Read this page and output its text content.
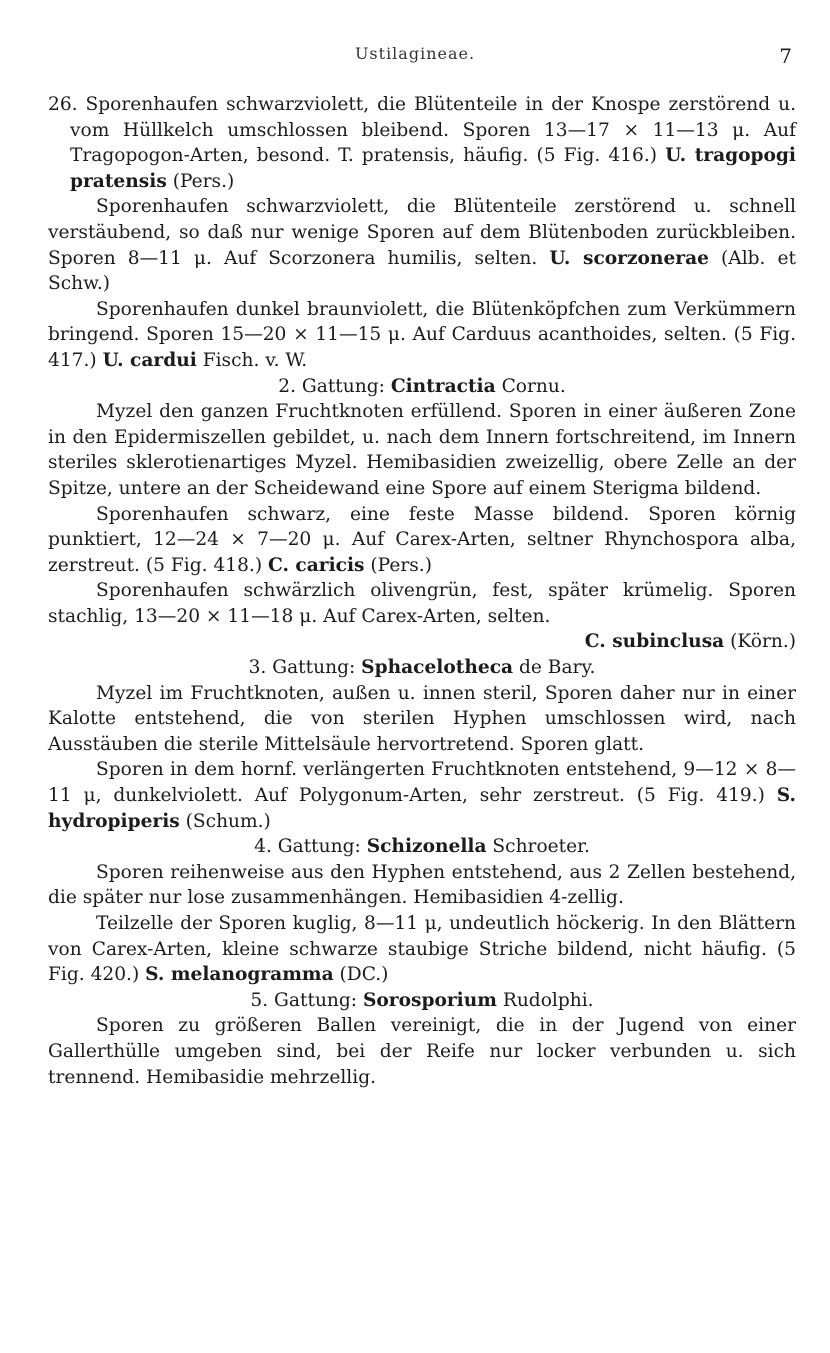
Ustilagineae.	7

26. Sporenhaufen schwarzviolett, die Blütenteile in der Knospe zerstörend u. vom Hüllkelch umschlossen bleibend. Sporen 13—17 × 11—13 μ. Auf Tragopogon-Arten, besond. T. pratensis, häufig. (5 Fig. 416.) U. tragopogi pratensis (Pers.)

Sporenhaufen schwarzviolett, die Blütenteile zerstörend u. schnell verstäubend, so daß nur wenige Sporen auf dem Blütenboden zurückbleiben. Sporen 8—11 μ. Auf Scorzonera humilis, selten. U. scorzonerae (Alb. et Schw.)

Sporenhaufen dunkel braunviolett, die Blütenköpfchen zum Verkümmern bringend. Sporen 15—20 × 11—15 μ. Auf Carduus acanthoides, selten. (5 Fig. 417.) U. cardui Fisch. v. W.

2. Gattung: Cintractia Cornu.

Myzel den ganzen Fruchtknoten erfüllend. Sporen in einer äußeren Zone in den Epidermiszellen gebildet, u. nach dem Innern fortschreitend, im Innern steriles sklerotienartiges Myzel. Hemibasidien zweizellig, obere Zelle an der Spitze, untere an der Scheidewand eine Spore auf einem Sterigma bildend.

Sporenhaufen schwarz, eine feste Masse bildend. Sporen körnig punktiert, 12—24 × 7—20 μ. Auf Carex-Arten, seltner Rhynchospora alba, zerstreut. (5 Fig. 418.) C. caricis (Pers.)

Sporenhaufen schwärzlich olivengrün, fest, später krümelig. Sporen stachlig, 13—20 × 11—18 μ. Auf Carex-Arten, selten.

C. subinclusa (Körn.)

3. Gattung: Sphacelotheca de Bary.

Myzel im Fruchtknoten, außen u. innen steril, Sporen daher nur in einer Kalotte entstehend, die von sterilen Hyphen umschlossen wird, nach Ausstäuben die sterile Mittelsäule hervortretend. Sporen glatt.

Sporen in dem hornf. verlängerten Fruchtknoten entstehend, 9—12 × 8—11 μ, dunkelviolett. Auf Polygonum-Arten, sehr zerstreut. (5 Fig. 419.) S. hydropiperis (Schum.)

4. Gattung: Schizonella Schroeter.

Sporen reihenweise aus den Hyphen entstehend, aus 2 Zellen bestehend, die später nur lose zusammenhängen. Hemibasidien 4-zellig.

Teilzelle der Sporen kuglig, 8—11 μ, undeutlich höckerig. In den Blättern von Carex-Arten, kleine schwarze staubige Striche bildend, nicht häufig. (5 Fig. 420.) S. melanogramma (DC.)

5. Gattung: Sorosporium Rudolphi.

Sporen zu größeren Ballen vereinigt, die in der Jugend von einer Gallerthülle umgeben sind, bei der Reife nur locker verbunden u. sich trennend. Hemibasidie mehrzellig.
